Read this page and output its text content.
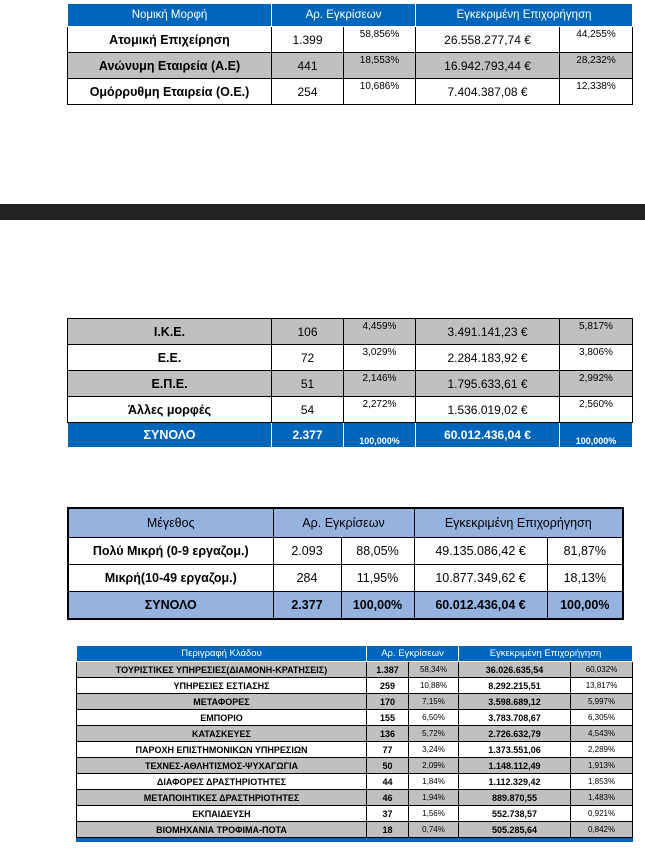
Νομική Μορφή	Αρ. Εγκρίσεων		Εγκεκριμένη Επιχορήγηση	
Ατομική Επιχείρηση	1.399	58,856%	26.558.277,74 €	44,255%
Ανώνυμη Εταιρεία (Α.Ε)	441	18,553%	16.942.793,44 €	28,232%
Ομόρρυθμη Εταιρεία (Ο.Ε.)	254	10,686%	7.404.387,08 €	12,338%
Ι.Κ.Ε.	106	4,459%	3.491.141,23 €	5,817%
Ε.Ε.	72	3,029%	2.284.183,92 €	3,806%
Ε.Π.Ε.	51	2,146%	1.795.633,61 €	2,992%
Άλλες μορφές	54	2,272%	1.536.019,02 €	2,560%
ΣΥΝΟΛΟ	2.377	100,000%	60.012.436,04 €	100,000%
Μέγεθος	Αρ. Εγκρίσεων		Εγκεκριμένη Επιχορήγηση	
Πολύ Μικρή (0-9 εργαζομ.)	2.093	88,05%	49.135.086,42 €	81,87%
Μικρή(10-49 εργαζομ.)	284	11,95%	10.877.349,62 €	18,13%
ΣΥΝΟΛΟ	2.377	100,00%	60.012.436,04 €	100,00%
Περιγραφή Κλάδου	Αρ. Εγκρίσεων		Εγκεκριμένη Επιχορήγηση	
ΤΟΥΡΙΣΤΙΚΕΣ ΥΠΗΡΕΣΙΕΣ(ΔΙΑΜΟΝΗ-ΚΡΑΤΗΣΕΙΣ)	1.387	58,34%	36.026.635,54	60,032%
ΥΠΗΡΕΣΙΕΣ ΕΣΤΙΑΣΗΣ	259	10,88%	8.292.215,51	13,817%
ΜΕΤΑΦΟΡΕΣ	170	7,15%	3.598.689,12	5,997%
ΕΜΠΟΡΙΟ	155	6,50%	3.783.708,67	6,305%
ΚΑΤΑΣΚΕΥΕΣ	136	5,72%	2.726.632,79	4,543%
ΠΑΡΟΧΗ ΕΠΙΣΤΗΜΟΝΙΚΩΝ ΥΠΗΡΕΣΙΩΝ	77	3,24%	1.373.551,06	2,289%
ΤΕΧΝΕΣ-ΑΘΛΗΤΙΣΜΟΣ-ΨΥΧΑΓΩΓΙΑ	50	2,09%	1.148.112,49	1,913%
ΔΙΑΦΟΡΕΣ ΔΡΑΣΤΗΡΙΟΤΗΤΕΣ	44	1,84%	1.112.329,42	1,853%
ΜΕΤΑΠΟΙΗΤΙΚΕΣ ΔΡΑΣΤΗΡΙΟΤΗΤΕΣ	46	1,94%	889.870,55	1,483%
ΕΚΠΑΙΔΕΥΣΗ	37	1,56%	552.738,57	0,921%
ΒΙΟΜΗΧΑΝΙΑ ΤΡΟΦΙΜΑ-ΠΟΤΑ	18	0,74%	505.285,64	0,842%
